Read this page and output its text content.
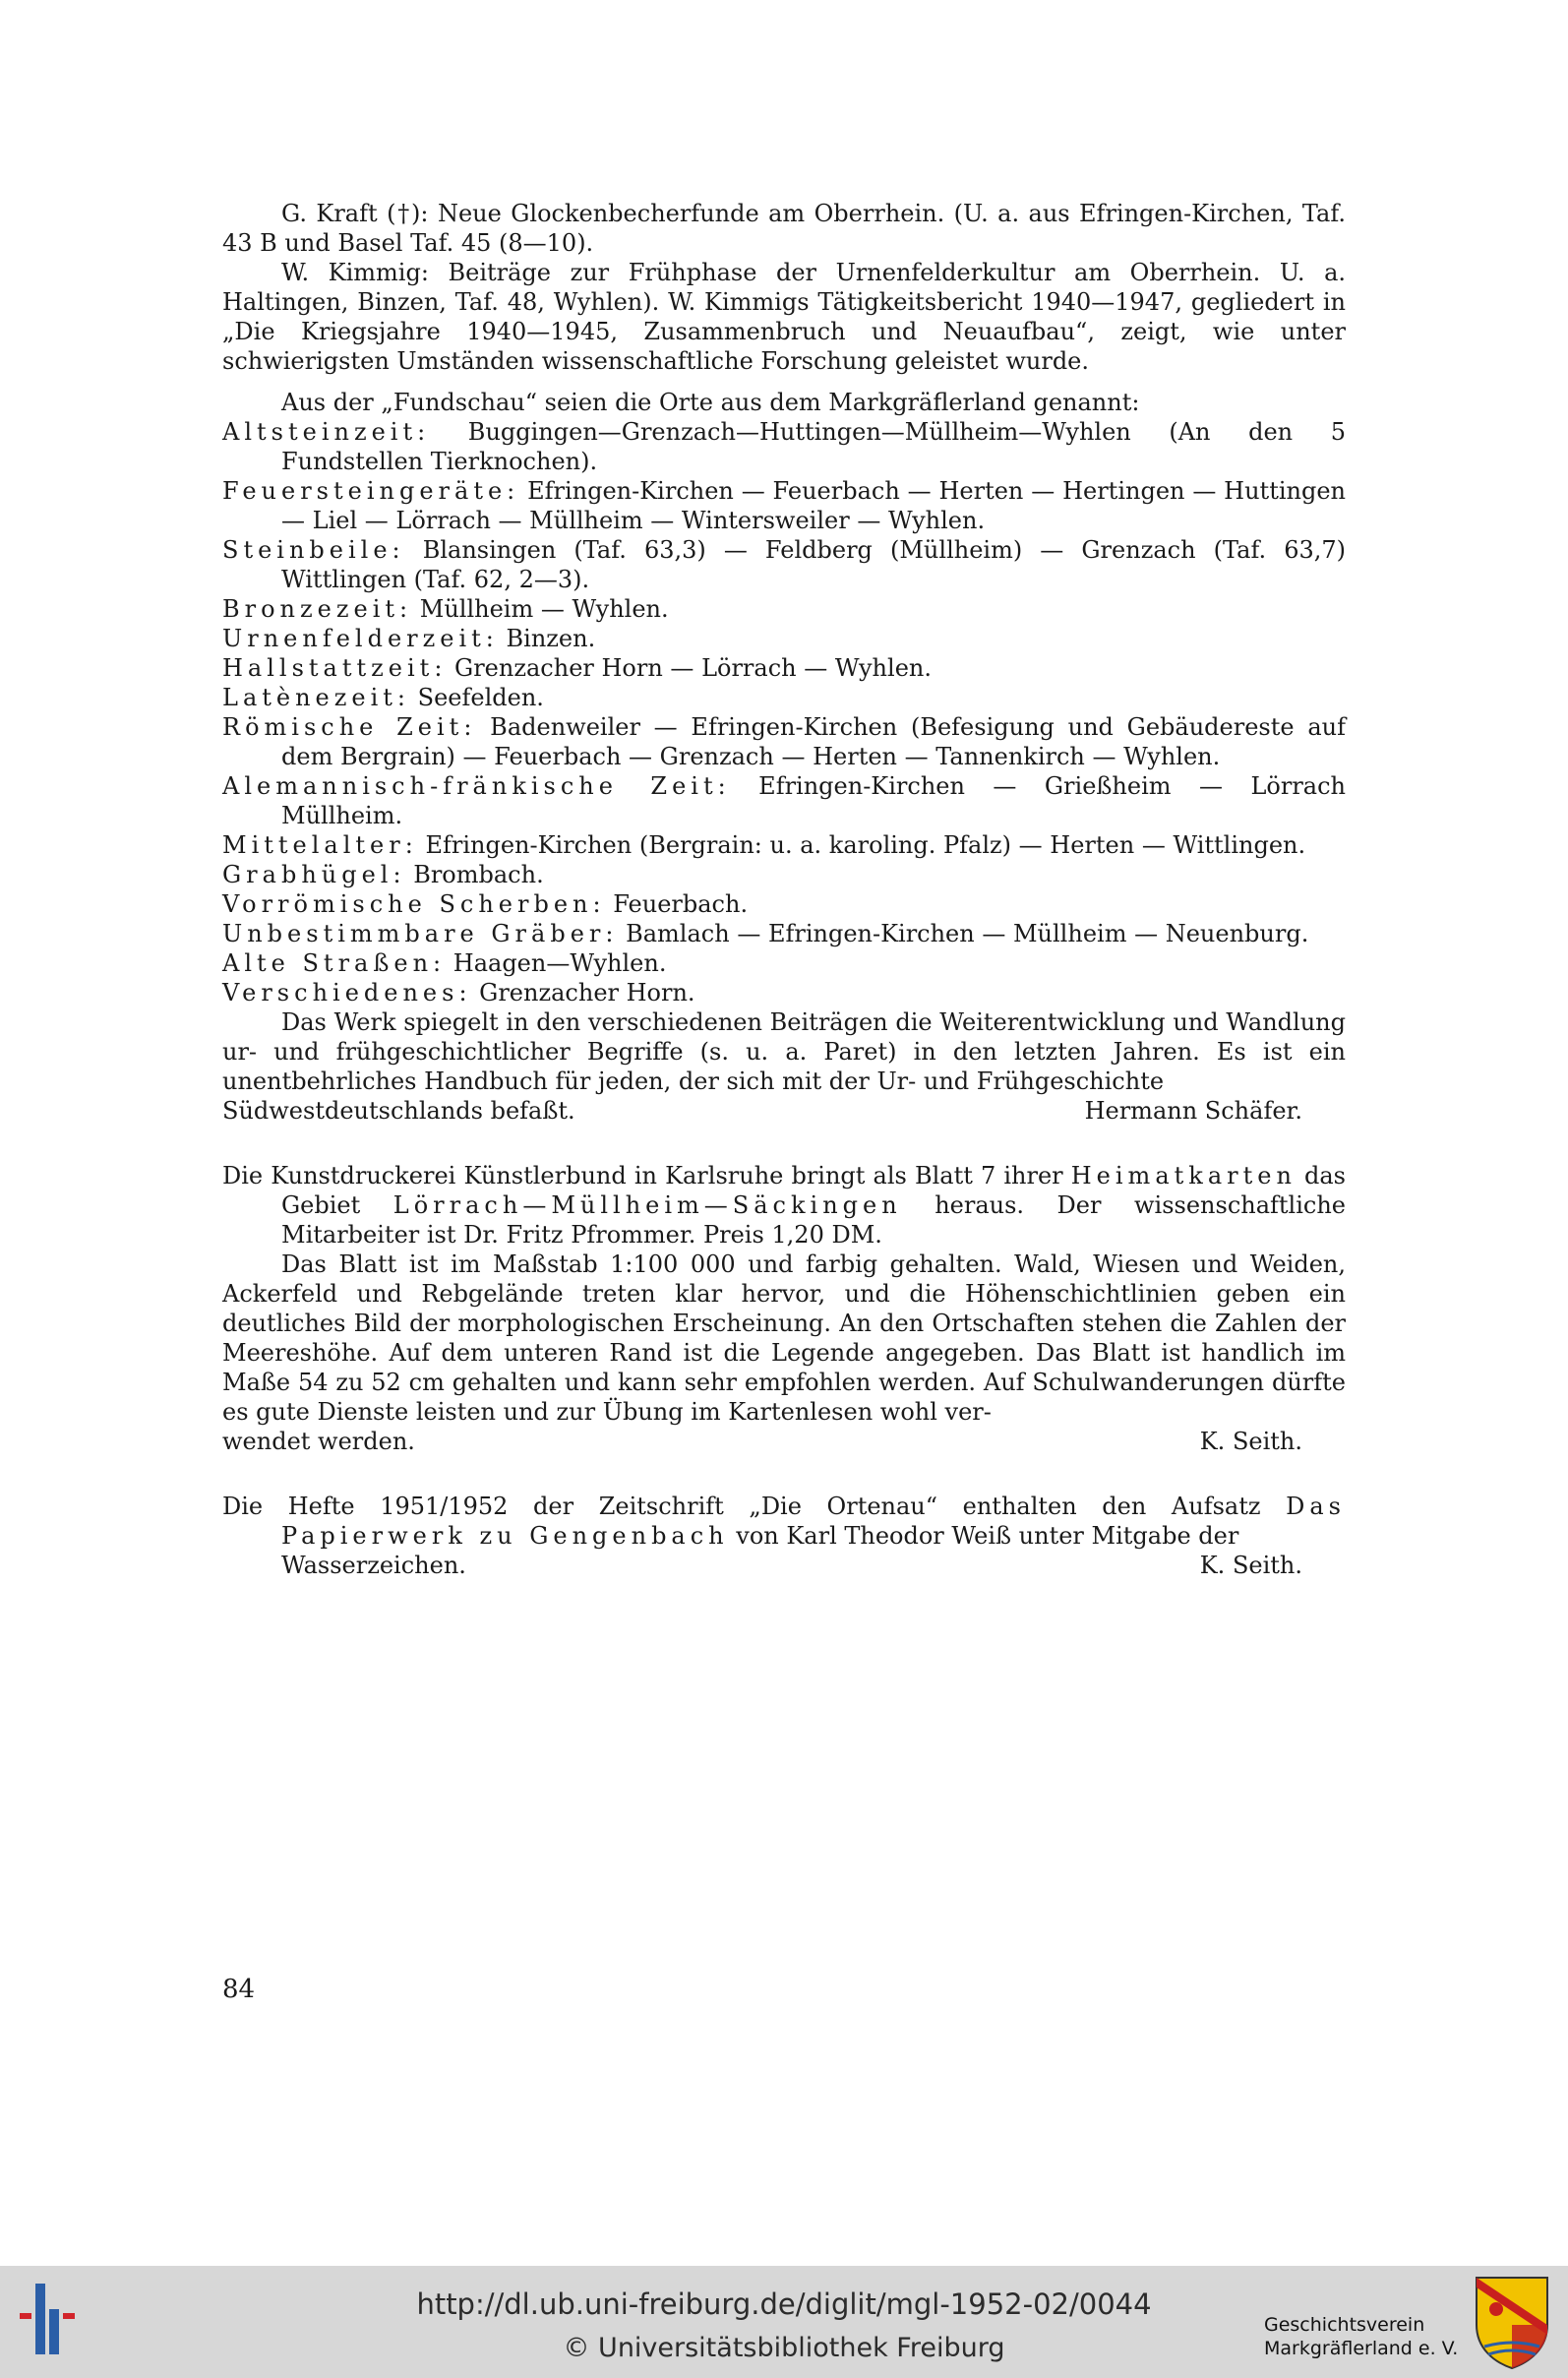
G. Kraft (†): Neue Glockenbecherfunde am Oberrhein. (U. a. aus Efringen-Kirchen, Taf. 43 B und Basel Taf. 45 (8—10).

W. Kimmig: Beiträge zur Frühphase der Urnenfelderkultur am Oberrhein. U. a. Haltingen, Binzen, Taf. 48, Wyhlen). W. Kimmigs Tätigkeitsbericht 1940—1947, gegliedert in „Die Kriegsjahre 1940—1945, Zusammenbruch und Neuaufbau“, zeigt, wie unter schwierigsten Umständen wissenschaftliche Forschung geleistet wurde.

Aus der „Fundschau“ seien die Orte aus dem Markgräflerland genannt:

Altsteinzeit: Buggingen—Grenzach—Huttingen—Müllheim—Wyhlen (An den 5 Fundstellen Tierknochen).

Feuersteingeräte: Efringen-Kirchen — Feuerbach — Herten — Hertingen — Huttingen — Liel — Lörrach — Müllheim — Wintersweiler — Wyhlen.

Steinbeile: Blansingen (Taf. 63,3) — Feldberg (Müllheim) — Grenzach (Taf. 63,7) Wittlingen (Taf. 62, 2—3).

Bronzezeit: Müllheim — Wyhlen.

Urnenfelderzeit: Binzen.

Hallstattzeit: Grenzacher Horn — Lörrach — Wyhlen.

Latènezeit: Seefelden.

Römische Zeit: Badenweiler — Efringen-Kirchen (Befesigung und Gebäudereste auf dem Bergrain) — Feuerbach — Grenzach — Herten — Tannenkirch — Wyhlen.

Alemannisch-fränkische Zeit: Efringen-Kirchen — Grießheim — Lörrach Müllheim.

Mittelalter: Efringen-Kirchen (Bergrain: u. a. karoling. Pfalz) — Herten — Wittlingen.

Grabhügel: Brombach.

Vorrömische Scherben: Feuerbach.

Unbestimmbare Gräber: Bamlach — Efringen-Kirchen — Müllheim — Neuenburg.

Alte Straßen: Haagen—Wyhlen.

Verschiedenes: Grenzacher Horn.

Das Werk spiegelt in den verschiedenen Beiträgen die Weiterentwicklung und Wandlung ur- und frühgeschichtlicher Begriffe (s. u. a. Paret) in den letzten Jahren. Es ist ein unentbehrliches Handbuch für jeden, der sich mit der Ur- und Frühgeschichte

Südwestdeutschlands befaßt.	Hermann Schäfer.

Die Kunstdruckerei Künstlerbund in Karlsruhe bringt als Blatt 7 ihrer Heimatkarten das Gebiet Lörrach—Müllheim—Säckingen heraus. Der wissenschaftliche Mitarbeiter ist Dr. Fritz Pfrommer. Preis 1,20 DM.

Das Blatt ist im Maßstab 1:100 000 und farbig gehalten. Wald, Wiesen und Weiden, Ackerfeld und Rebgelände treten klar hervor, und die Höhenschichtlinien geben ein deutliches Bild der morphologischen Erscheinung. An den Ortschaften stehen die Zahlen der Meereshöhe. Auf dem unteren Rand ist die Legende angegeben. Das Blatt ist handlich im Maße 54 zu 52 cm gehalten und kann sehr empfohlen werden. Auf Schulwanderungen dürfte es gute Dienste leisten und zur Übung im Kartenlesen wohl ver-

wendet werden.	K. Seith.

Die Hefte 1951/1952 der Zeitschrift „Die Ortenau“ enthalten den Aufsatz Das Papierwerk zu Gengenbach von Karl Theodor Weiß unter Mitgabe der

Wasserzeichen.	K. Seith.
84
http://dl.ub.uni-freiburg.de/diglit/mgl-1952-02/0044
© Universitätsbibliothek Freiburg
Geschichtsverein
Markgräflerland e. V.
